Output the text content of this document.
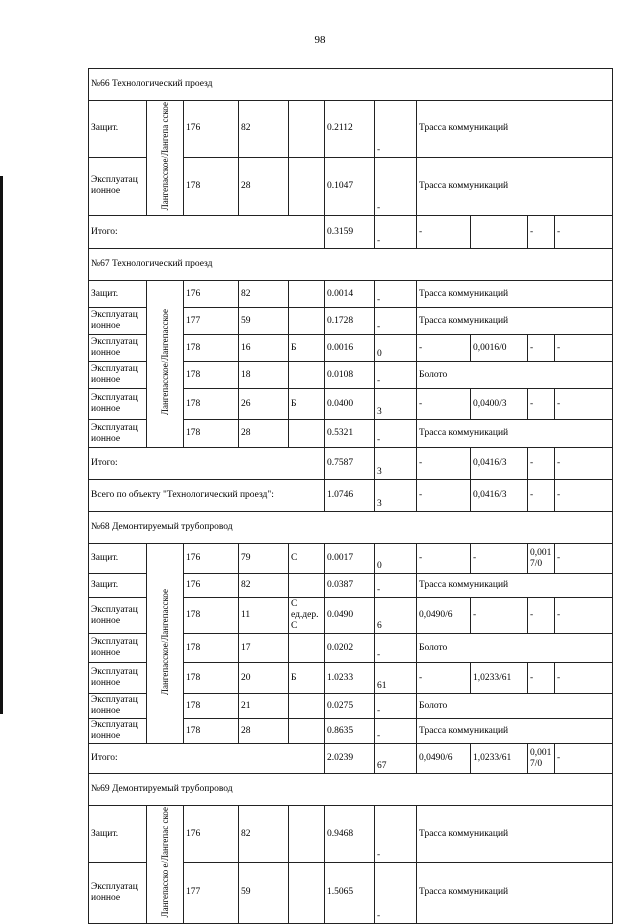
98
№66 Технологический проезд										
Защит.	Лангепасское/Лангепа сское	176	82		0.2112	-	Трасса коммуникаций			
Эксплуатац ионное		178	28		0.1047	-	Трасса коммуникаций			
Итого:					0.3159	-	-		-	-
№67 Технологический проезд										
Защит.	Лангепасское/Лангепасское	176	82		0.0014	-	Трасса коммуникаций			
Эксплуатац ионное		177	59		0.1728	-	Трасса коммуникаций			
Эксплуатац ионное		178	16	Б	0.0016	0	-	0,0016/0	-	-
Эксплуатац ионное		178	18		0.0108	-	Болото			
Эксплуатац ионное		178	26	Б	0.0400	3	-	0,0400/3	-	-
Эксплуатац ионное		178	28		0.5321	-	Трасса коммуникаций			
Итого:					0.7587	3	-	0,0416/3	-	-
Всего по объекту "Технологический проезд":					1.0746	3	-	0,0416/3	-	-
№68 Демонтируемый трубопровод										
Защит.	Лангепасское/Лангепасское	176	79	С	0.0017	0	-	-	0,001 7/0	-
Защит.		176	82		0.0387	-	Трасса коммуникаций			
Эксплуатац ионное		178	11	С ед.дер. С	0.0490	6	0,0490/6	-	-	-
Эксплуатац ионное		178	17		0.0202	-	Болото			
Эксплуатац ионное		178	20	Б	1.0233	61	-	1,0233/61	-	-
Эксплуатац ионное		178	21		0.0275	-	Болото			
Эксплуатац ионное		178	28		0.8635	-	Трасса коммуникаций			
Итого:					2.0239	67	0,0490/6	1,0233/61	0,001 7/0	-
№69 Демонтируемый трубопровод										
Защит.	Лангепасско е/Лангепас ское	176	82		0.9468	-	Трасса коммуникаций			
Эксплуатац ионное		177	59		1.5065	-	Трасса коммуникаций			
